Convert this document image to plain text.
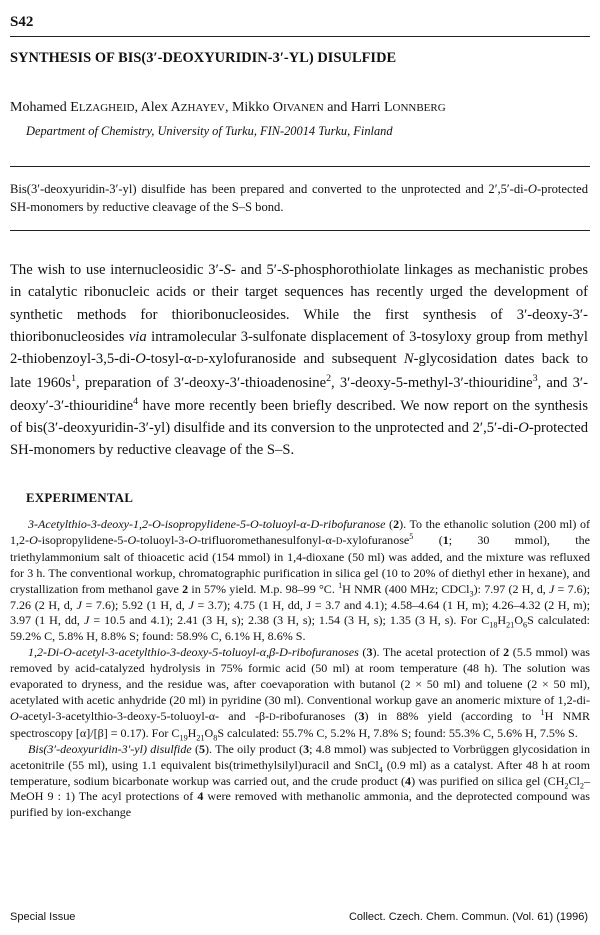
S42
SYNTHESIS OF BIS(3′-DEOXYURIDIN-3′-YL) DISULFIDE
Mohamed ELZAGHEID, Alex AZHAYEV, Mikko OIVANEN and Harri LONNBERG
Department of Chemistry, University of Turku, FIN-20014 Turku, Finland
Bis(3′-deoxyuridin-3′-yl) disulfide has been prepared and converted to the unprotected and 2′,5′-di-O-protected SH-monomers by reductive cleavage of the S–S bond.
The wish to use internucleosidic 3′-S- and 5′-S-phosphorothiolate linkages as mechanistic probes in catalytic ribonucleic acids or their target sequences has recently urged the development of synthetic methods for thioribonucleosides. While the first synthesis of 3′-deoxy-3′-thioribonucleosides via intramolecular 3-sulfonate displacement of 3-tosyloxy group from methyl 2-thiobenzoyl-3,5-di-O-tosyl-α-D-xylofuranoside and subsequent N-glycosidation dates back to late $1960s^1$, preparation of 3′-deoxy-3′-thioadenosine$^2$, 3′-deoxy-5-methyl-3′-thiouridine$^3$, and 3′-deoxy′-3′-thiouridine$^4$ have more recently been briefly described. We now report on the synthesis of bis(3′-deoxyuridin-3′-yl) disulfide and its conversion to the unprotected and 2′,5′-di-O-protected SH-monomers by reductive cleavage of the S–S.
EXPERIMENTAL

3-Acetylthio-3-deoxy-1,2-O-isopropylidene-5-O-toluoyl-α-D-ribofuranose (2). To the ethanolic solution (200 ml) of 1,2-O-isopropylidene-5-O-toluoyl-3-O-trifluoromethanesulfonyl-α-D-xylofuranose$^5$ (1; 30 mmol), the triethylammonium salt of thioacetic acid (154 mmol) in 1,4-dioxane (50 ml) was added, and the mixture was refluxed for 3 h. The conventional workup, chromatographic purification in silica gel (10 to 20% of diethyl ether in hexane), and crystallization from methanol gave 2 in 57% yield. M.p. 98–99 °C. $^1$H NMR (400 MHz; CDCl$_3$): 7.97 (2 H, d, J = 7.6); 7.26 (2 H, d, J = 7.6); 5.92 (1 H, d, J = 3.7); 4.75 (1 H, dd, J = 3.7 and 4.1); 4.58–4.64 (1 H, m); 4.26–4.32 (2 H, m); 3.97 (1 H, dd, J = 10.5 and 4.1); 2.41 (3 H, s); 2.38 (3 H, s); 1.54 (3 H, s); 1.35 (3 H, s). For $C_{18}H_{21}O_6S$ calculated: 59.2% C, 5.8% H, 8.8% S; found: 58.9% C, 6.1% H, 8.6% S.

1,2-Di-O-acetyl-3-acetylthio-3-deoxy-5-toluoyl-α,β-D-ribofuranoses (3). The acetal protection of 2 (5.5 mmol) was removed by acid-catalyzed hydrolysis in 75% formic acid (50 ml) at room temperature (48 h). The solution was evaporated to dryness, and the residue was, after coevaporation with butanol (2 × 50 ml) and toluene (2 × 50 ml), acetylated with acetic anhydride (20 ml) in pyridine (30 ml). Conventional workup gave an anomeric mixture of 1,2-di-O-acetyl-3-acetylthio-3-deoxy-5-toluoyl-α- and -β-D-ribofuranoses (3) in 88% yield (according to $^1$H NMR spectroscopy [α]/[β] = 0.17). For $C_{19}H_{21}O_8S$ calculated: 55.7% C, 5.2% H, 7.8% S; found: 55.3% C, 5.6% H, 7.5% S.

Bis(3′-deoxyuridin-3′-yl) disulfide (5). The oily product (3; 4.8 mmol) was subjected to Vorbrüggen glycosidation in acetonitrile (55 ml), using 1.1 equivalent bis(trimethylsilyl)uracil and SnCl$_4$ (0.9 ml) as a catalyst. After 48 h at room temperature, sodium bicarbonate workup was carried out, and the crude product (4) was purified on silica gel ($CH_2Cl_2$–MeOH 9 : 1) The acyl protections of 4 were removed with methanolic ammonia, and the deprotected compound was purified by ion-exchange

Special Issue	Collect. Czech. Chem. Commun. (Vol. 61) (1996)
